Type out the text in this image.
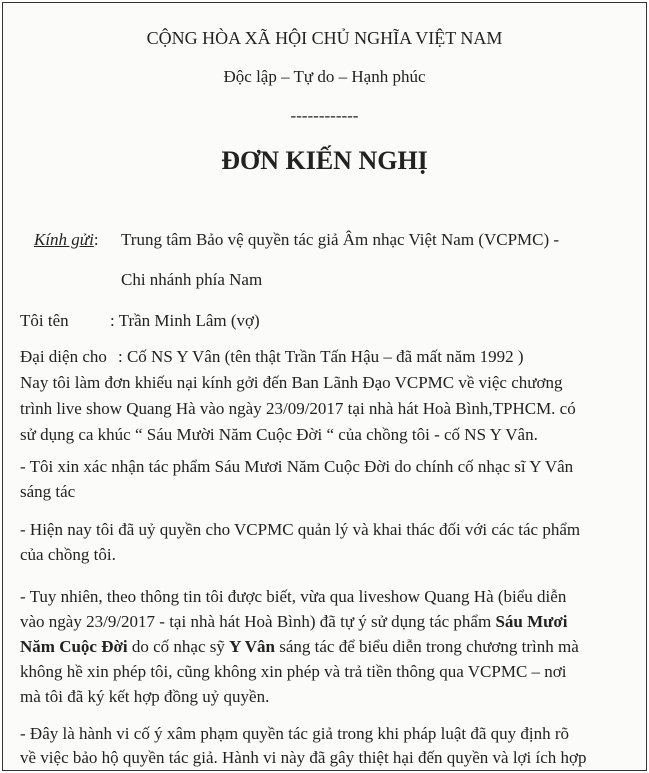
CỘNG HÒA XÃ HỘI CHỦ NGHĨA VIỆT NAM
Độc lập – Tự do – Hạnh phúc
------------
ĐƠN KIẾN NGHỊ
Kính gửi: Trung tâm Bảo vệ quyền tác giả Âm nhạc Việt Nam (VCPMC) -
Chi nhánh phía Nam
Tôi tên : Trần Minh Lâm (vợ)
Đại diện cho : Cố NS Y Vân (tên thật Trần Tấn Hậu – đã mất năm 1992 )
Nay tôi làm đơn khiếu nại kính gởi đến Ban Lãnh Đạo VCPMC về việc chương
trình live show Quang Hà vào ngày 23/09/2017 tại nhà hát Hoà Bình,TPHCM. có
sử dụng ca khúc “ Sáu Mười Năm Cuộc Đời “ của chồng tôi - cố NS Y Vân.
- Tôi xin xác nhận tác phẩm Sáu Mươi Năm Cuộc Đời do chính cố nhạc sĩ Y Vân
sáng tác
- Hiện nay tôi đã uỷ quyền cho VCPMC quản lý và khai thác đối với các tác phẩm
của chồng tôi.
- Tuy nhiên, theo thông tin tôi được biết, vừa qua liveshow Quang Hà (biểu diễn
vào ngày 23/9/2017 - tại nhà hát Hoà Bình) đã tự ý sử dụng tác phẩm Sáu Mươi
Năm Cuộc Đời do cố nhạc sỹ Y Vân sáng tác để biểu diễn trong chương trình mà
không hề xin phép tôi, cũng không xin phép và trả tiền thông qua VCPMC – nơi
mà tôi đã ký kết hợp đồng uỷ quyền.
- Đây là hành vi cố ý xâm phạm quyền tác giả trong khi pháp luật đã quy định rõ
về việc bảo hộ quyền tác giả. Hành vi này đã gây thiệt hại đến quyền và lợi ích hợp
